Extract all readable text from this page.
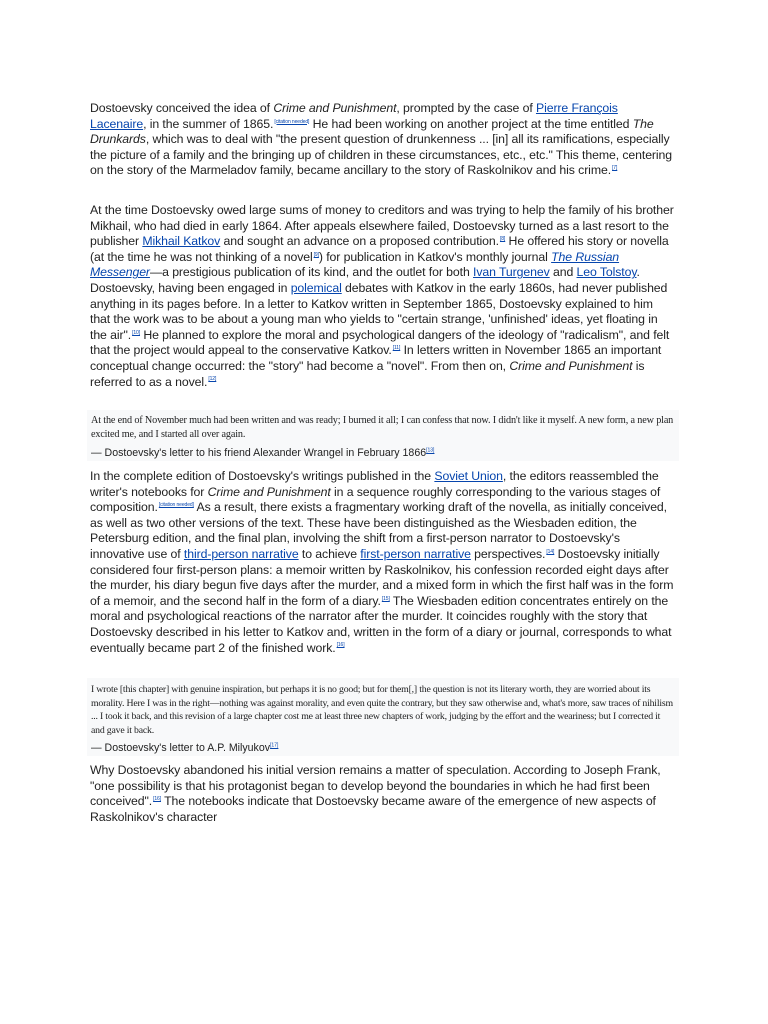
Dostoevsky conceived the idea of Crime and Punishment, prompted by the case of Pierre François Lacenaire, in the summer of 1865.[citation needed] He had been working on another project at the time entitled The Drunkards, which was to deal with "the present question of drunkenness ... [in] all its ramifications, especially the picture of a family and the bringing up of children in these circumstances, etc., etc." This theme, centering on the story of the Marmeladov family, became ancillary to the story of Raskolnikov and his crime.[7]

At the time Dostoevsky owed large sums of money to creditors and was trying to help the family of his brother Mikhail, who had died in early 1864. After appeals elsewhere failed, Dostoevsky turned as a last resort to the publisher Mikhail Katkov and sought an advance on a proposed contribution.[8] He offered his story or novella (at the time he was not thinking of a novel[9]) for publication in Katkov's monthly journal The Russian Messenger—a prestigious publication of its kind, and the outlet for both Ivan Turgenev and Leo Tolstoy. Dostoevsky, having been engaged in polemical debates with Katkov in the early 1860s, had never published anything in its pages before. In a letter to Katkov written in September 1865, Dostoevsky explained to him that the work was to be about a young man who yields to "certain strange, 'unfinished' ideas, yet floating in the air".[10] He planned to explore the moral and psychological dangers of the ideology of "radicalism", and felt that the project would appeal to the conservative Katkov.[11] In letters written in November 1865 an important conceptual change occurred: the "story" had become a "novel". From then on, Crime and Punishment is referred to as a novel.[12]

At the end of November much had been written and was ready; I burned it all; I can confess that now. I didn't like it myself. A new form, a new plan excited me, and I started all over again.

— Dostoevsky's letter to his friend Alexander Wrangel in February 1866[13]

In the complete edition of Dostoevsky's writings published in the Soviet Union, the editors reassembled the writer's notebooks for Crime and Punishment in a sequence roughly corresponding to the various stages of composition.[citation needed] As a result, there exists a fragmentary working draft of the novella, as initially conceived, as well as two other versions of the text. These have been distinguished as the Wiesbaden edition, the Petersburg edition, and the final plan, involving the shift from a first-person narrator to Dostoevsky's innovative use of third-person narrative to achieve first-person narrative perspectives.[14] Dostoevsky initially considered four first-person plans: a memoir written by Raskolnikov, his confession recorded eight days after the murder, his diary begun five days after the murder, and a mixed form in which the first half was in the form of a memoir, and the second half in the form of a diary.[15] The Wiesbaden edition concentrates entirely on the moral and psychological reactions of the narrator after the murder. It coincides roughly with the story that Dostoevsky described in his letter to Katkov and, written in the form of a diary or journal, corresponds to what eventually became part 2 of the finished work.[16]

I wrote [this chapter] with genuine inspiration, but perhaps it is no good; but for them[,] the question is not its literary worth, they are worried about its morality. Here I was in the right—nothing was against morality, and even quite the contrary, but they saw otherwise and, what's more, saw traces of nihilism ... I took it back, and this revision of a large chapter cost me at least three new chapters of work, judging by the effort and the weariness; but I corrected it and gave it back.

— Dostoevsky's letter to A.P. Milyukov[17]

Why Dostoevsky abandoned his initial version remains a matter of speculation. According to Joseph Frank, "one possibility is that his protagonist began to develop beyond the boundaries in which he had first been conceived".[16] The notebooks indicate that Dostoevsky became aware of the emergence of new aspects of Raskolnikov's character
